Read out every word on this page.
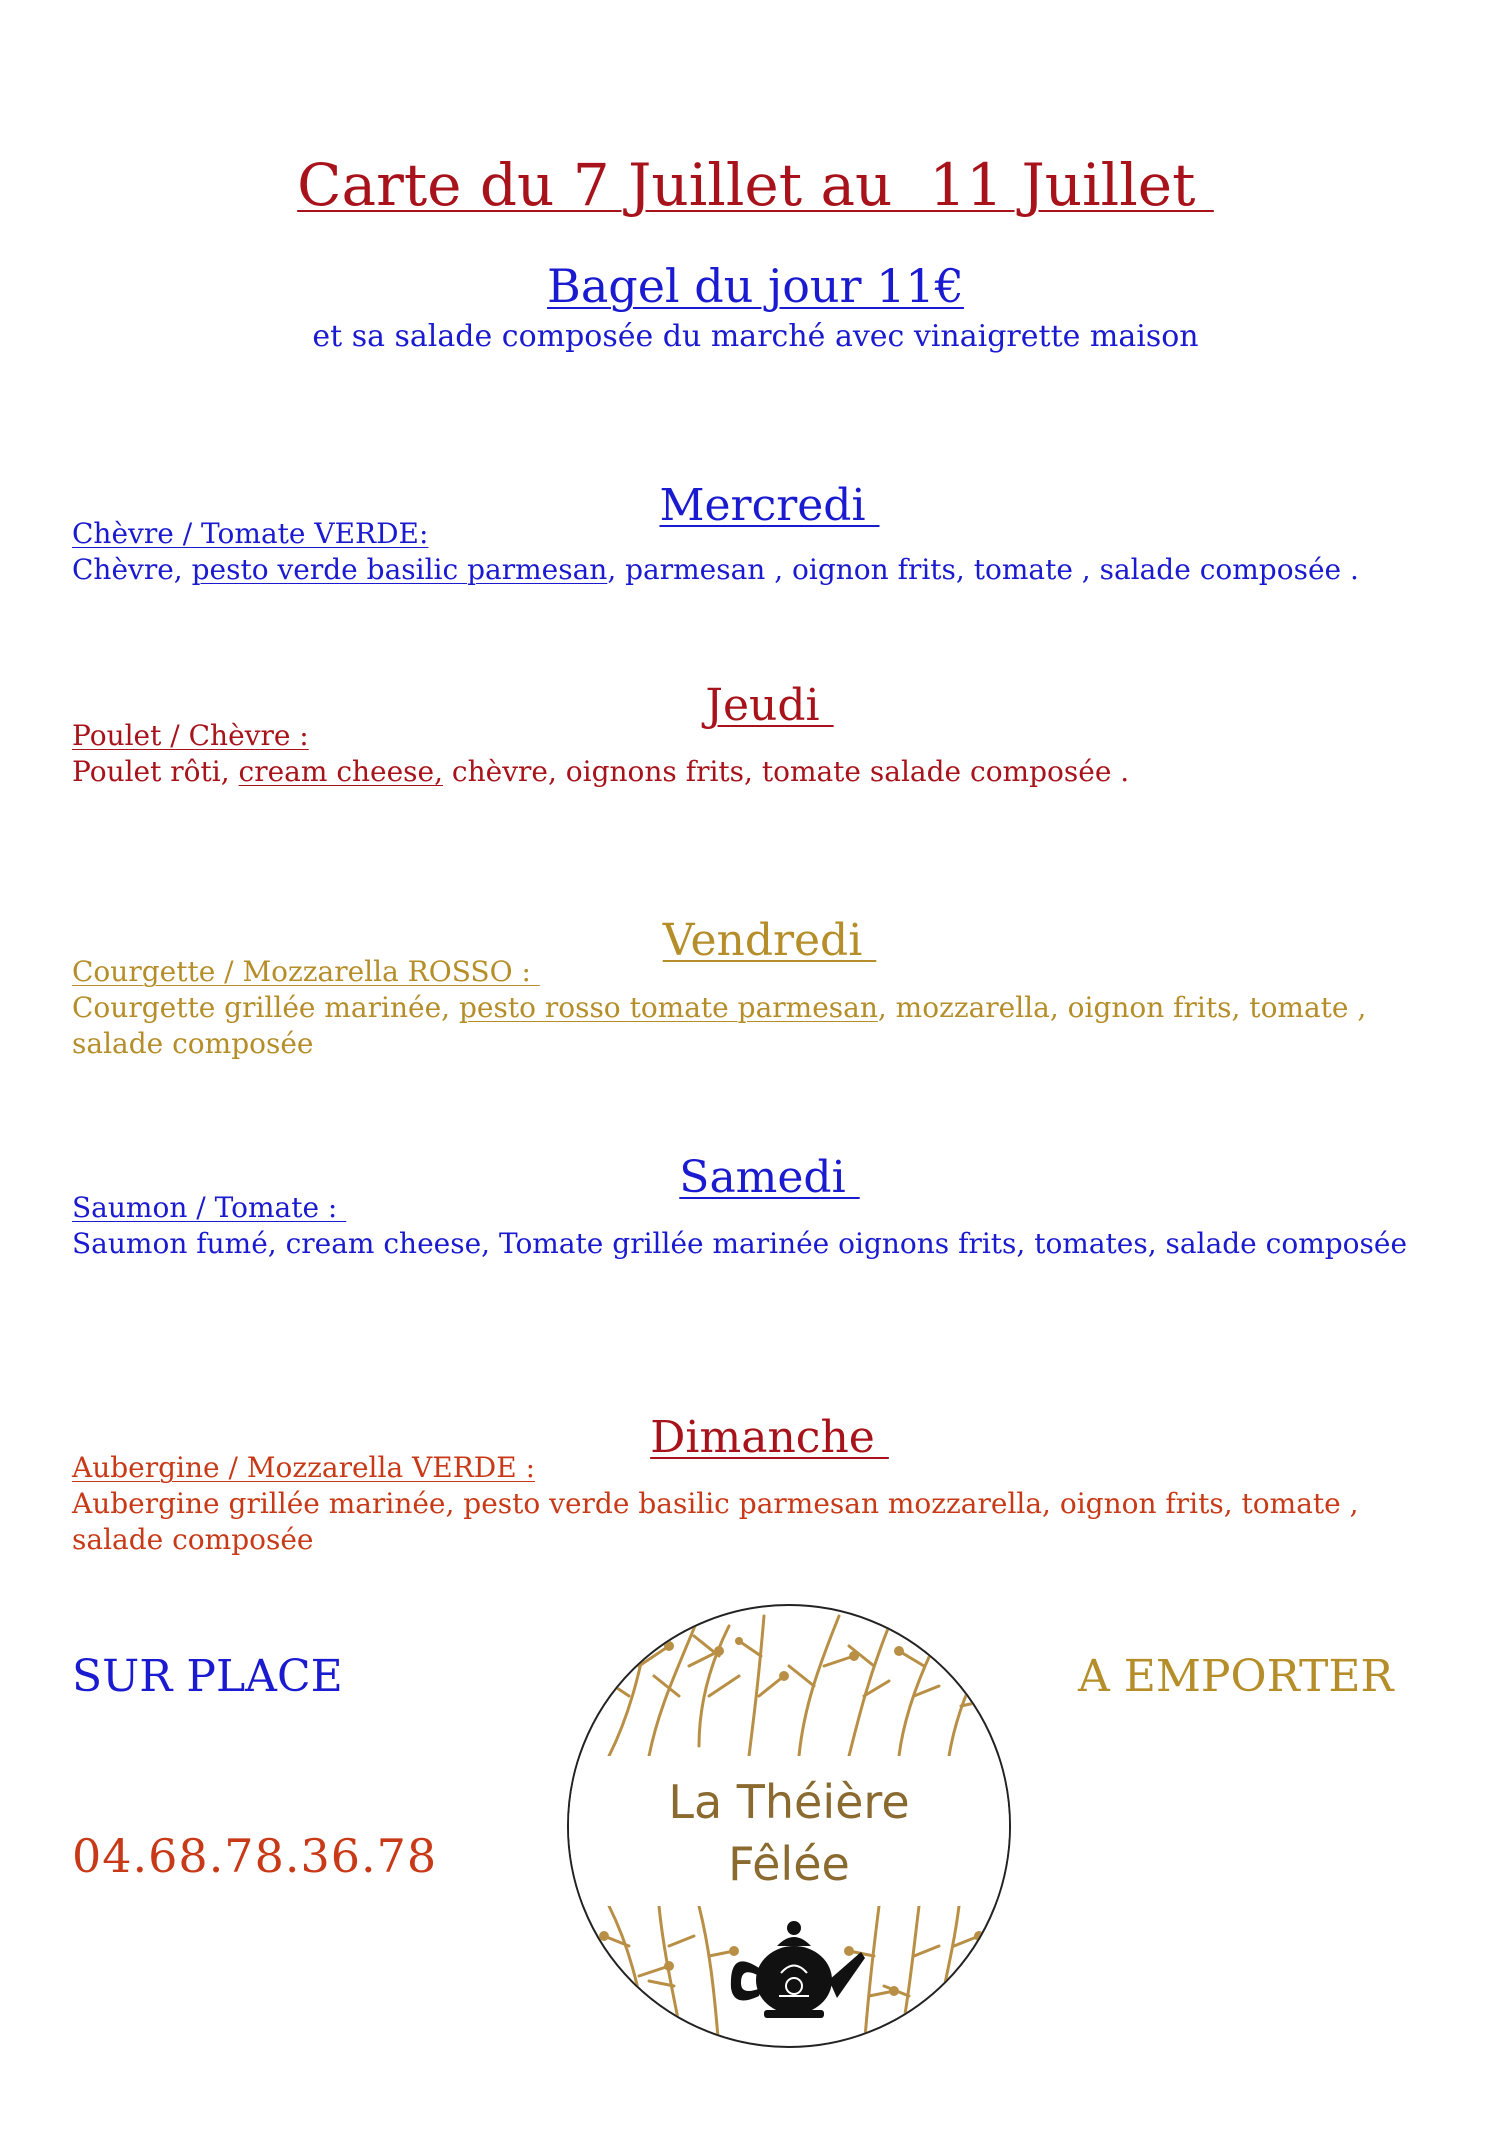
Carte du 7 Juillet au  11 Juillet
Bagel du jour 11€
et sa salade composée du marché avec vinaigrette maison

Mercredi

Chèvre / Tomate VERDE:
Chèvre, pesto verde basilic parmesan, parmesan , oignon frits, tomate , salade composée .

Jeudi

Poulet / Chèvre :
Poulet rôti, cream cheese, chèvre, oignons frits, tomate salade composée .

Vendredi

Courgette / Mozzarella ROSSO :
Courgette grillée marinée, pesto rosso tomate parmesan, mozzarella, oignon frits, tomate ,
salade composée

Samedi

Saumon / Tomate :
Saumon fumé, cream cheese, Tomate grillée marinée oignons frits, tomates, salade composée

Dimanche

Aubergine / Mozzarella VERDE :
Aubergine grillée marinée, pesto verde basilic parmesan mozzarella, oignon frits, tomate ,
salade composée
SUR PLACE	A EMPORTER
04.68.78.36.78
La Théière
Fêlée
